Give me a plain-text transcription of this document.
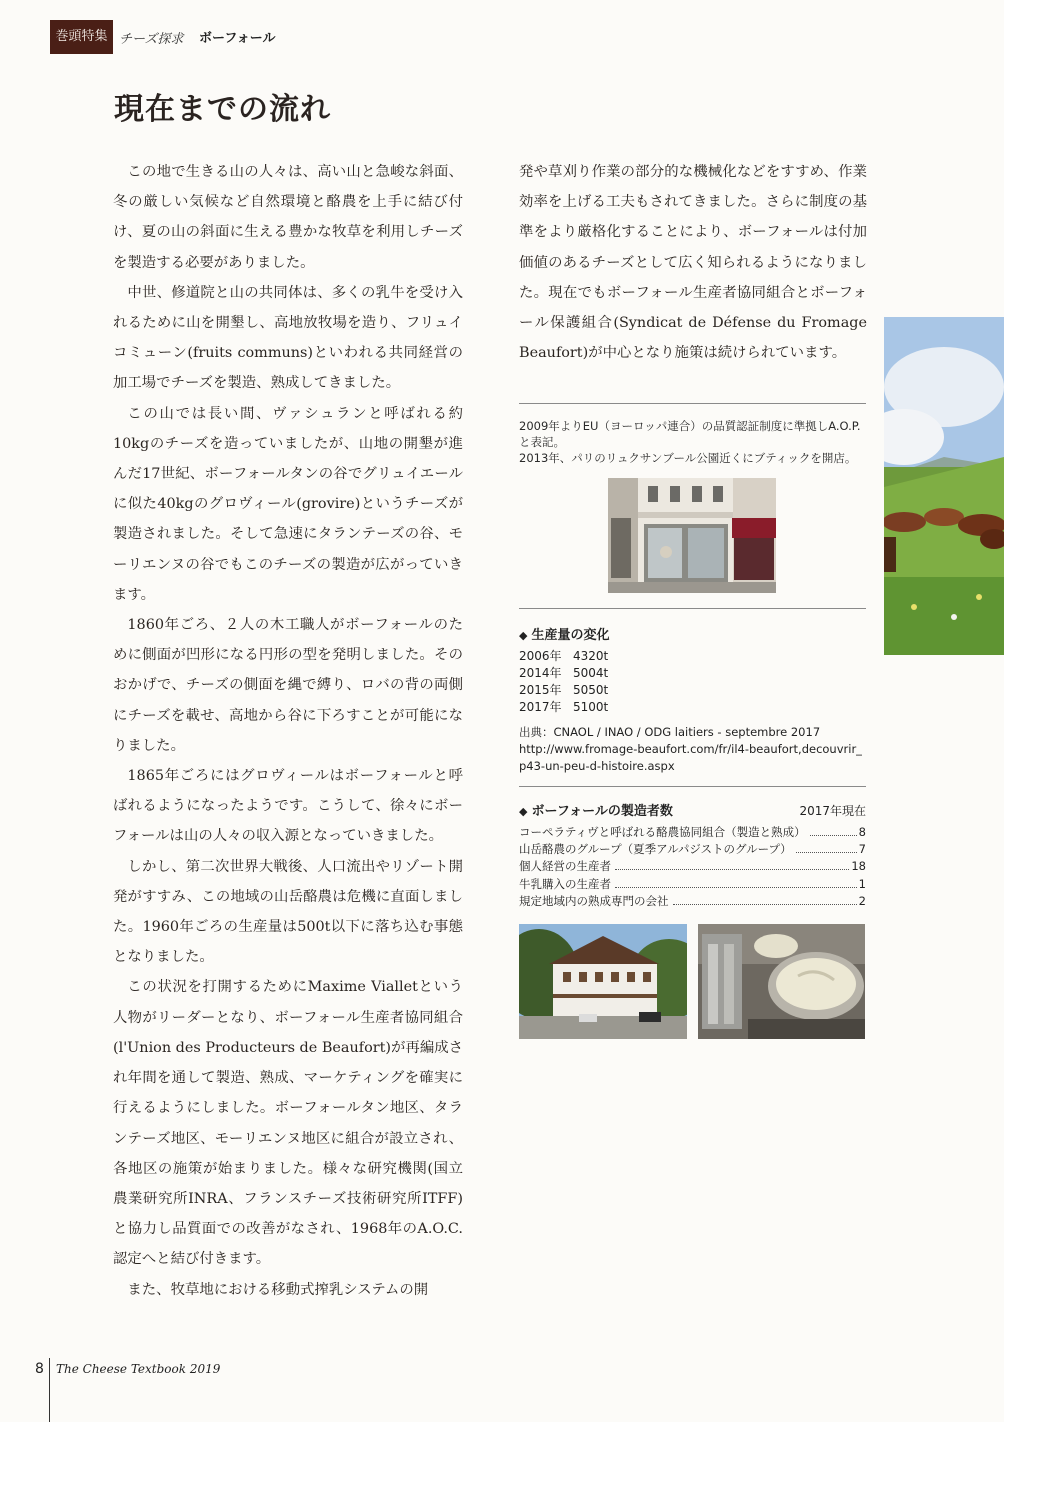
巻頭特集 チーズ探求 ボーフォール
現在までの流れ

この地で生きる山の人々は、高い山と急峻な斜面、冬の厳しい気候など自然環境と酪農を上手に結び付け、夏の山の斜面に生える豊かな牧草を利用しチーズを製造する必要がありました。

中世、修道院と山の共同体は、多くの乳牛を受け入れるために山を開墾し、高地放牧場を造り、フリュイコミューン(fruits communs)といわれる共同経営の加工場でチーズを製造、熟成してきました。

この山では長い間、ヴァシュランと呼ばれる約10kgのチーズを造っていましたが、山地の開墾が進んだ17世紀、ボーフォールタンの谷でグリュイエールに似た40kgのグロヴィール(grovire)というチーズが製造されました。そして急速にタランテーズの谷、モーリエンヌの谷でもこのチーズの製造が広がっていきます。

1860年ごろ、２人の木工職人がボーフォールのために側面が凹形になる円形の型を発明しました。そのおかげで、チーズの側面を縄で縛り、ロバの背の両側にチーズを載せ、高地から谷に下ろすことが可能になりました。

1865年ごろにはグロヴィールはボーフォールと呼ばれるようになったようです。こうして、徐々にボーフォールは山の人々の収入源となっていきました。

しかし、第二次世界大戦後、人口流出やリゾート開発がすすみ、この地域の山岳酪農は危機に直面しました。1960年ごろの生産量は500t以下に落ち込む事態となりました。

この状況を打開するためにMaxime Vialletという人物がリーダーとなり、ボーフォール生産者協同組合(l'Union des Producteurs de Beaufort)が再編成され年間を通して製造、熟成、マーケティングを確実に行えるようにしました。ボーフォールタン地区、タランテーズ地区、モーリエンヌ地区に組合が設立され、各地区の施策が始まりました。様々な研究機関(国立農業研究所INRA、フランスチーズ技術研究所ITFF)と協力し品質面での改善がなされ、1968年のA.O.C.認定へと結び付きます。

また、牧草地における移動式搾乳システムの開

発や草刈り作業の部分的な機械化などをすすめ、作業効率を上げる工夫もされてきました。さらに制度の基準をより厳格化することにより、ボーフォールは付加価値のあるチーズとして広く知られるようになりました。現在でもボーフォール生産者協同組合とボーフォール保護組合(Syndicat de Défense du Fromage Beaufort)が中心となり施策は続けられています。

2009年よりEU（ヨーロッパ連合）の品質認証制度に準拠しA.O.P.と表記。
2013年、パリのリュクサンブール公園近くにブティックを開店。
◆ 生産量の変化
2006年 4320t
2014年 5004t
2015年 5050t
2017年 5100t
出典：CNAOL / INAO / ODG laitiers - septembre 2017
http://www.fromage-beaufort.com/fr/il4-beaufort,decouvrir_p43-un-peu-d-histoire.aspx
◆ ボーフォールの製造者数	2017年現在
コーペラティヴと呼ばれる酪農協同組合（製造と熟成）	8
山岳酪農のグループ（夏季アルパジストのグループ）	7
個人経営の生産者	18
牛乳購入の生産者	1
規定地域内の熟成専門の会社	2
8 The Cheese Textbook 2019
